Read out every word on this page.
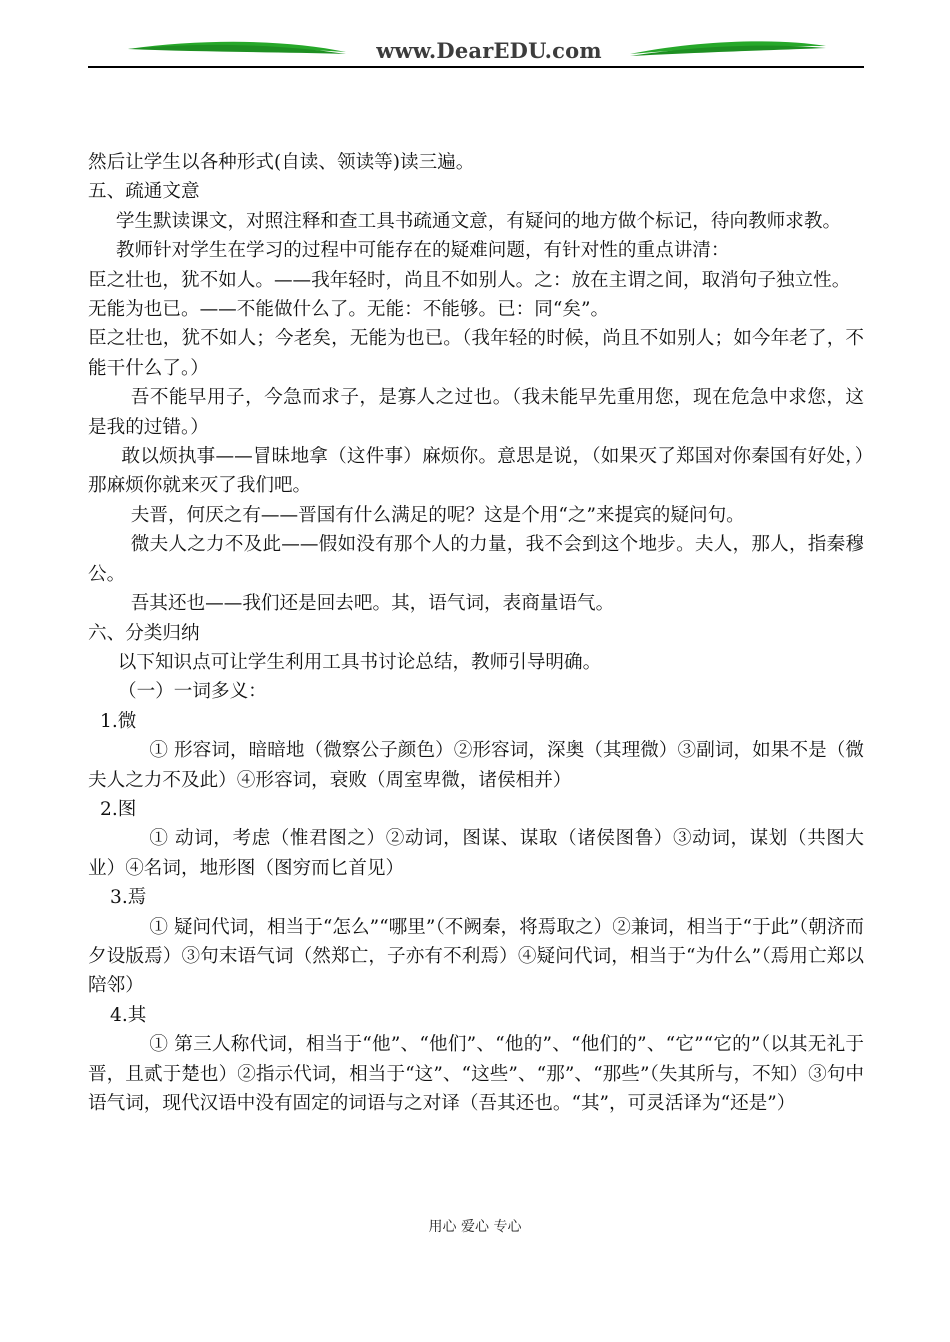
www.DearEDU.com

然后让学生以各种形式(自读、领读等)读三遍。

五、疏通文意

学生默读课文，对照注释和查工具书疏通文意，有疑问的地方做个标记，待向教师求教。

教师针对学生在学习的过程中可能存在的疑难问题，有针对性的重点讲清：

臣之壮也，犹不如人。——我年轻时，尚且不如别人。之：放在主谓之间，取消句子独立性。

无能为也已。——不能做什么了。无能：不能够。已：同“矣”。

臣之壮也，犹不如人；今老矣，无能为也已。（我年轻的时候，尚且不如别人；如今年老了，不能干什么了。）

吾不能早用子，今急而求子，是寡人之过也。（我未能早先重用您，现在危急中求您，这是我的过错。）

敢以烦执事——冒昧地拿（这件事）麻烦你。意思是说，（如果灭了郑国对你秦国有好处，）那麻烦你就来灭了我们吧。

夫晋，何厌之有——晋国有什么满足的呢？这是个用“之”来提宾的疑问句。

微夫人之力不及此——假如没有那个人的力量，我不会到这个地步。夫人，那人，指秦穆公。

吾其还也——我们还是回去吧。其，语气词，表商量语气。

六、分类归纳

以下知识点可让学生利用工具书讨论总结，教师引导明确。

（一）一词多义：

1.微

① 形容词，暗暗地（微察公子颜色）②形容词，深奥（其理微）③副词，如果不是（微夫人之力不及此）④形容词，衰败（周室卑微，诸侯相并）

2.图

① 动词，考虑（惟君图之）②动词，图谋、谋取（诸侯图鲁）③动词，谋划（共图大业）④名词，地形图（图穷而匕首见）

3.焉

① 疑问代词，相当于“怎么”“哪里”（不阙秦，将焉取之）②兼词，相当于“于此”（朝济而夕设版焉）③句末语气词（然郑亡，子亦有不利焉）④疑问代词，相当于“为什么”（焉用亡郑以陪邻）

4.其

① 第三人称代词，相当于“他”、“他们”、“他的”、“他们的”、“它”“它的”（以其无礼于晋，且贰于楚也）②指示代词，相当于“这”、“这些”、“那”、“那些”（失其所与，不知）③句中语气词，现代汉语中没有固定的词语与之对译（吾其还也。“其”，可灵活译为“还是”）

用心 爱心 专心
